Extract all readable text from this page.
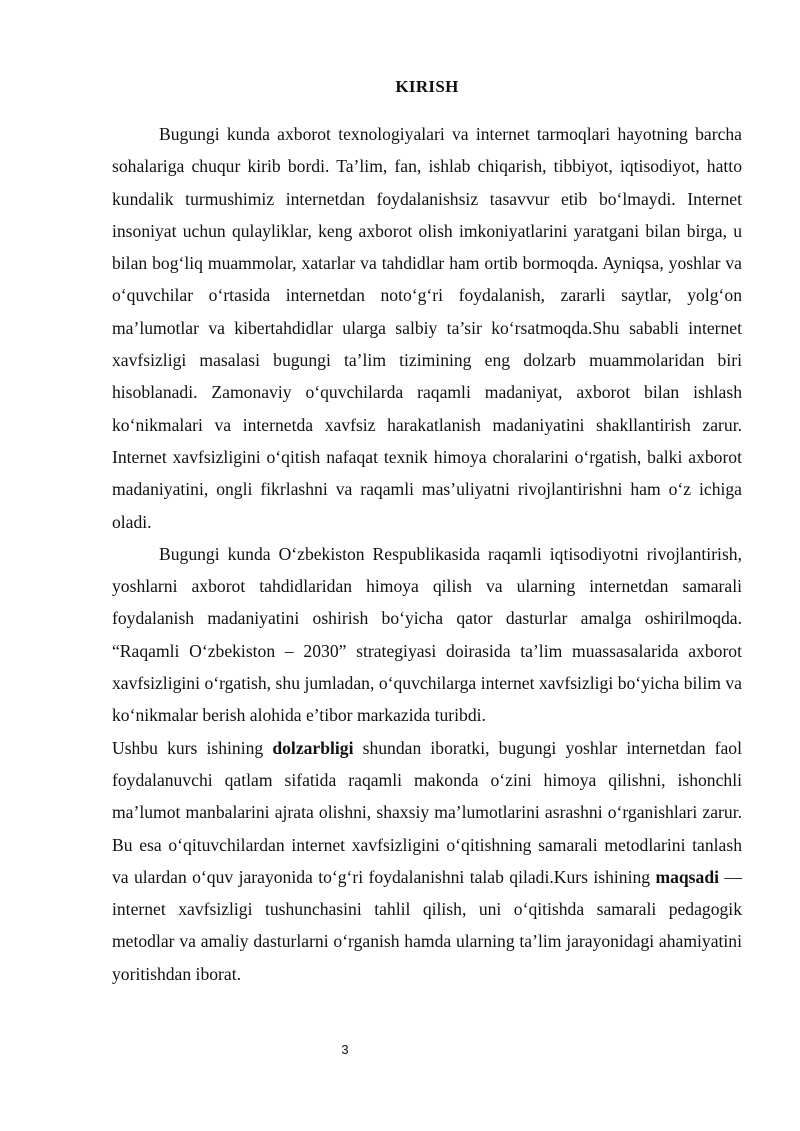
KIRISH

Bugungi kunda axborot texnologiyalari va internet tarmoqlari hayotning barcha sohalariga chuqur kirib bordi. Ta’lim, fan, ishlab chiqarish, tibbiyot, iqtisodiyot, hatto kundalik turmushimiz internetdan foydalanishsiz tasavvur etib bo‘lmaydi. Internet insoniyat uchun qulayliklar, keng axborot olish imkoniyatlarini yaratgani bilan birga, u bilan bog‘liq muammolar, xatarlar va tahdidlar ham ortib bormoqda. Ayniqsa, yoshlar va o‘quvchilar o‘rtasida internetdan noto‘g‘ri foydalanish, zararli saytlar, yolg‘on ma’lumotlar va kibertahdidlar ularga salbiy ta’sir ko‘rsatmoqda.Shu sababli internet xavfsizligi masalasi bugungi ta’lim tizimining eng dolzarb muammolaridan biri hisoblanadi. Zamonaviy o‘quvchilarda raqamli madaniyat, axborot bilan ishlash ko‘nikmalari va internetda xavfsiz harakatlanish madaniyatini shakllantirish zarur. Internet xavfsizligini o‘qitish nafaqat texnik himoya choralarini o‘rgatish, balki axborot madaniyatini, ongli fikrlashni va raqamli mas’uliyatni rivojlantirishni ham o‘z ichiga oladi.

Bugungi kunda O‘zbekiston Respublikasida raqamli iqtisodiyotni rivojlantirish, yoshlarni axborot tahdidlaridan himoya qilish va ularning internetdan samarali foydalanish madaniyatini oshirish bo‘yicha qator dasturlar amalga oshirilmoqda. “Raqamli O‘zbekiston – 2030” strategiyasi doirasida ta’lim muassasalarida axborot xavfsizligini o‘rgatish, shu jumladan, o‘quvchilarga internet xavfsizligi bo‘yicha bilim va ko‘nikmalar berish alohida e’tibor markazida turibdi.

Ushbu kurs ishining dolzarbligi shundan iboratki, bugungi yoshlar internetdan faol foydalanuvchi qatlam sifatida raqamli makonda o‘zini himoya qilishni, ishonchli ma’lumot manbalarini ajrata olishni, shaxsiy ma’lumotlarini asrashni o‘rganishlari zarur. Bu esa o‘qituvchilardan internet xavfsizligini o‘qitishning samarali metodlarini tanlash va ulardan o‘quv jarayonida to‘g‘ri foydalanishni talab qiladi.Kurs ishining maqsadi — internet xavfsizligi tushunchasini tahlil qilish, uni o‘qitishda samarali pedagogik metodlar va amaliy dasturlarni o‘rganish hamda ularning ta’lim jarayonidagi ahamiyatini yoritishdan iborat.

3
